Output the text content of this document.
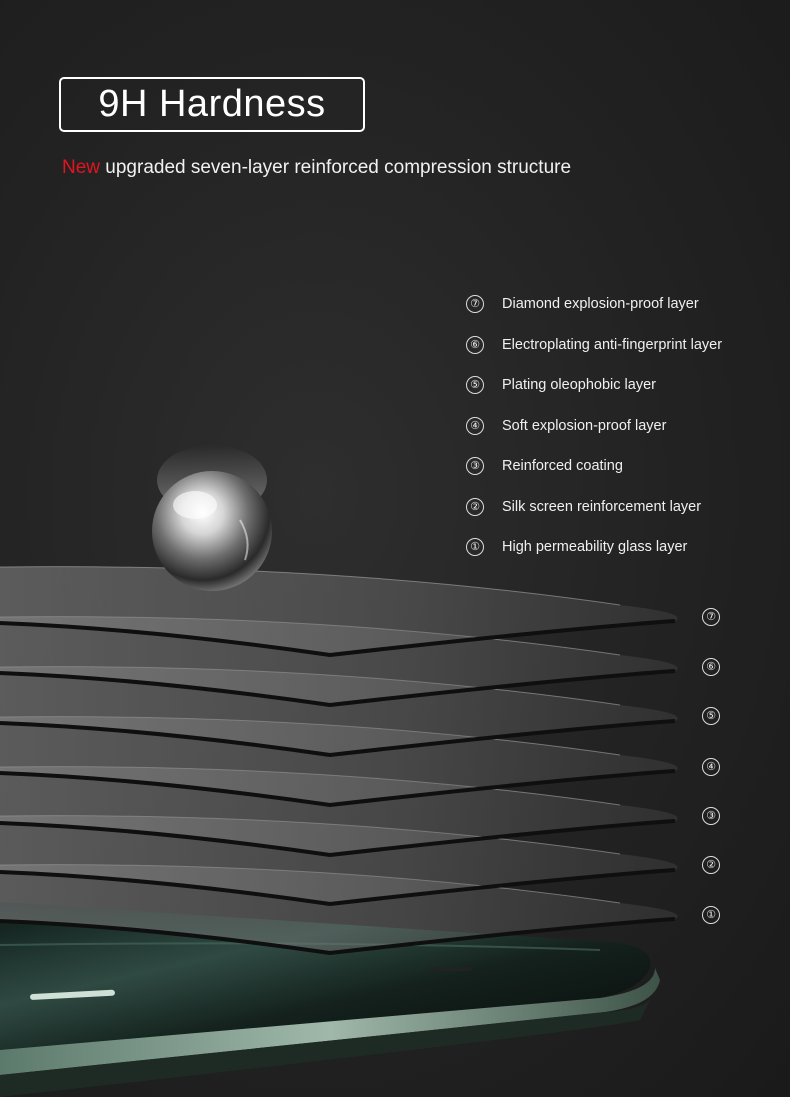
9H Hardness
New upgraded seven-layer reinforced compression structure
⑦ Diamond explosion-proof layer
⑥ Electroplating anti-fingerprint layer
⑤ Plating oleophobic layer
④ Soft explosion-proof layer
③ Reinforced coating
② Silk screen reinforcement layer
① High permeability glass layer
⑦
⑥
⑤
④
③
②
①
